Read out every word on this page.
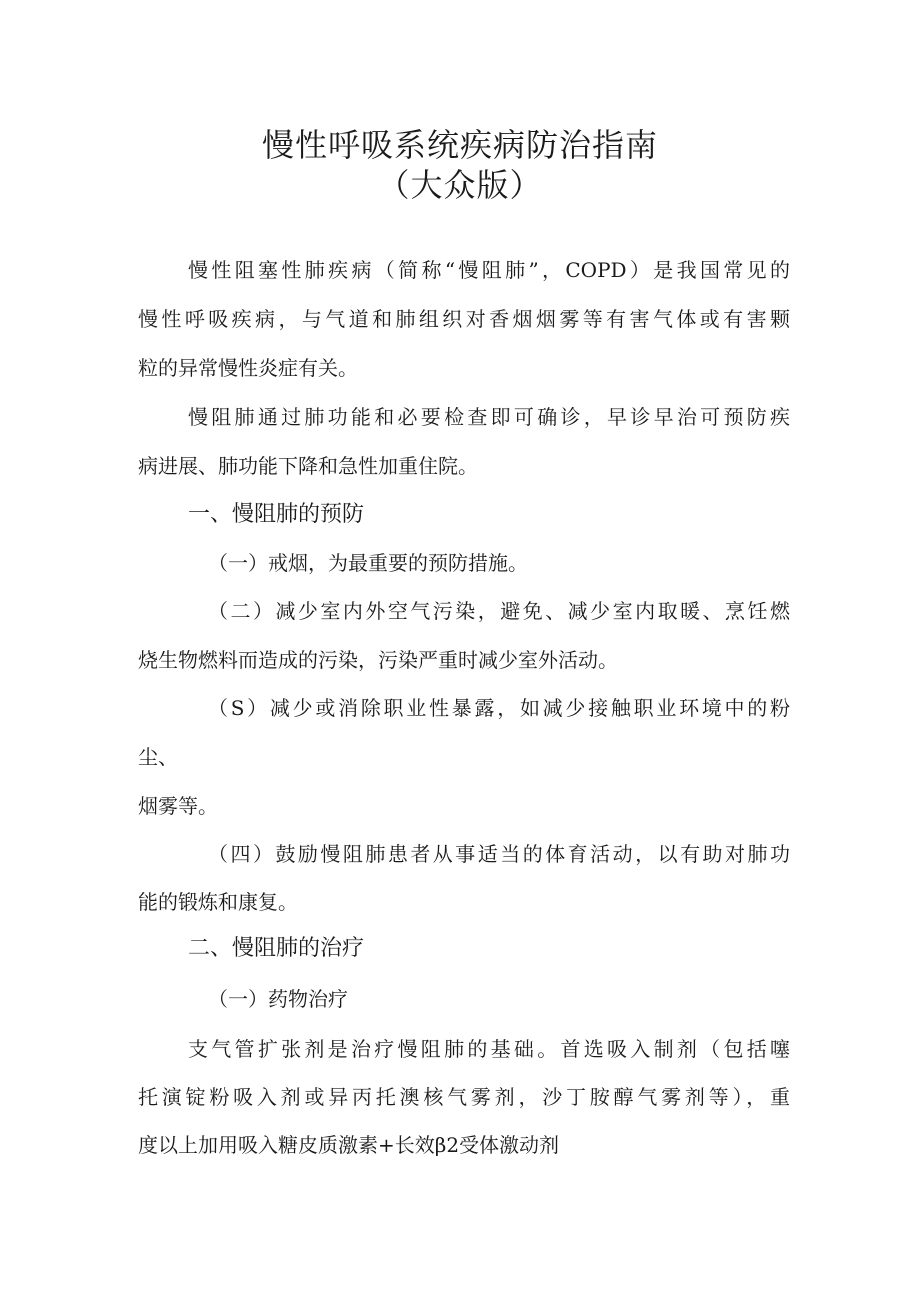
慢性呼吸系统疾病防治指南
（大众版）
慢性阻塞性肺疾病（简称“慢阻肺”，COPD）是我国常见的
慢性呼吸疾病，与气道和肺组织对香烟烟雾等有害气体或有害颗
粒的异常慢性炎症有关。
慢阻肺通过肺功能和必要检查即可确诊，早诊早治可预防疾
病进展、肺功能下降和急性加重住院。
一、慢阻肺的预防
（一）戒烟，为最重要的预防措施。
（二）减少室内外空气污染，避免、减少室内取暖、烹饪燃
烧生物燃料而造成的污染，污染严重时减少室外活动。
（S）减少或消除职业性暴露，如减少接触职业环境中的粉
尘、
烟雾等。
（四）鼓励慢阻肺患者从事适当的体育活动，以有助对肺功
能的锻炼和康复。
二、慢阻肺的治疗
（一）药物治疗
支气管扩张剂是治疗慢阻肺的基础。首选吸入制剂（包括噻
托演锭粉吸入剂或异丙托澳核气雾剂，沙丁胺醇气雾剂等），重
度以上加用吸入糖皮质激素+长效β2受体激动剂
